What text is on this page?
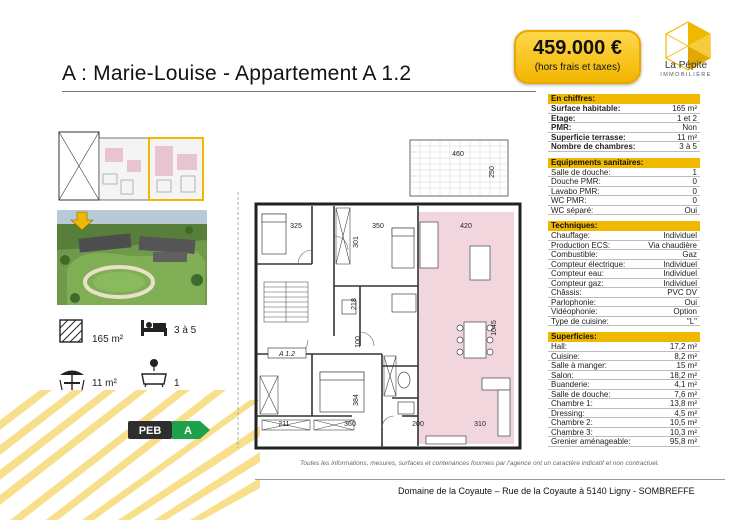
A : Marie-Louise - Appartement A 1.2
459.000 €
(hors frais et taxes)	La Pépite
IMMOBILIÈRE
165 m²
3 à 5
11 m²	1
PEB A
460
250
325	350	420
301
218
100
1045
384
211	360	200	310
A 1.2
En chiffres:
Surface habitable:	165 m²
Etage:	1 et 2
PMR:	Non
Superficie terrasse:	11 m²
Nombre de chambres:	3 à 5
Equipements sanitaires:
Salle de douche:	1
Douche PMR:	0
Lavabo PMR:	0
WC PMR:	0
WC séparé:	Oui
Techniques:
Chauffage:	Individuel
Production ECS:	Via chaudière
Combustible:	Gaz
Compteur électrique:	Individuel
Compteur eau:	Individuel
Compteur gaz:	Individuel
Châssis:	PVC DV
Parlophonie:	Oui
Vidéophonie:	Option
Type de cuisine:	"L"
Superficies:
Hall:	17,2 m²
Cuisine:	8,2 m²
Salle à manger:	15 m²
Salon:	18,2 m²
Buanderie:	4,1 m²
Salle de douche:	7,6 m²
Chambre 1:	13,8 m²
Dressing:	4,5 m²
Chambre 2:	10,5 m²
Chambre 3:	10,3 m²
Grenier aménageable:	95,8 m²
Toutes les informations, mesures, surfaces et contenances fournies par l'agence ont un caractère indicatif et non contractuel.
Domaine de la Coyaute – Rue de la Coyaute à 5140 Ligny - SOMBREFFE
